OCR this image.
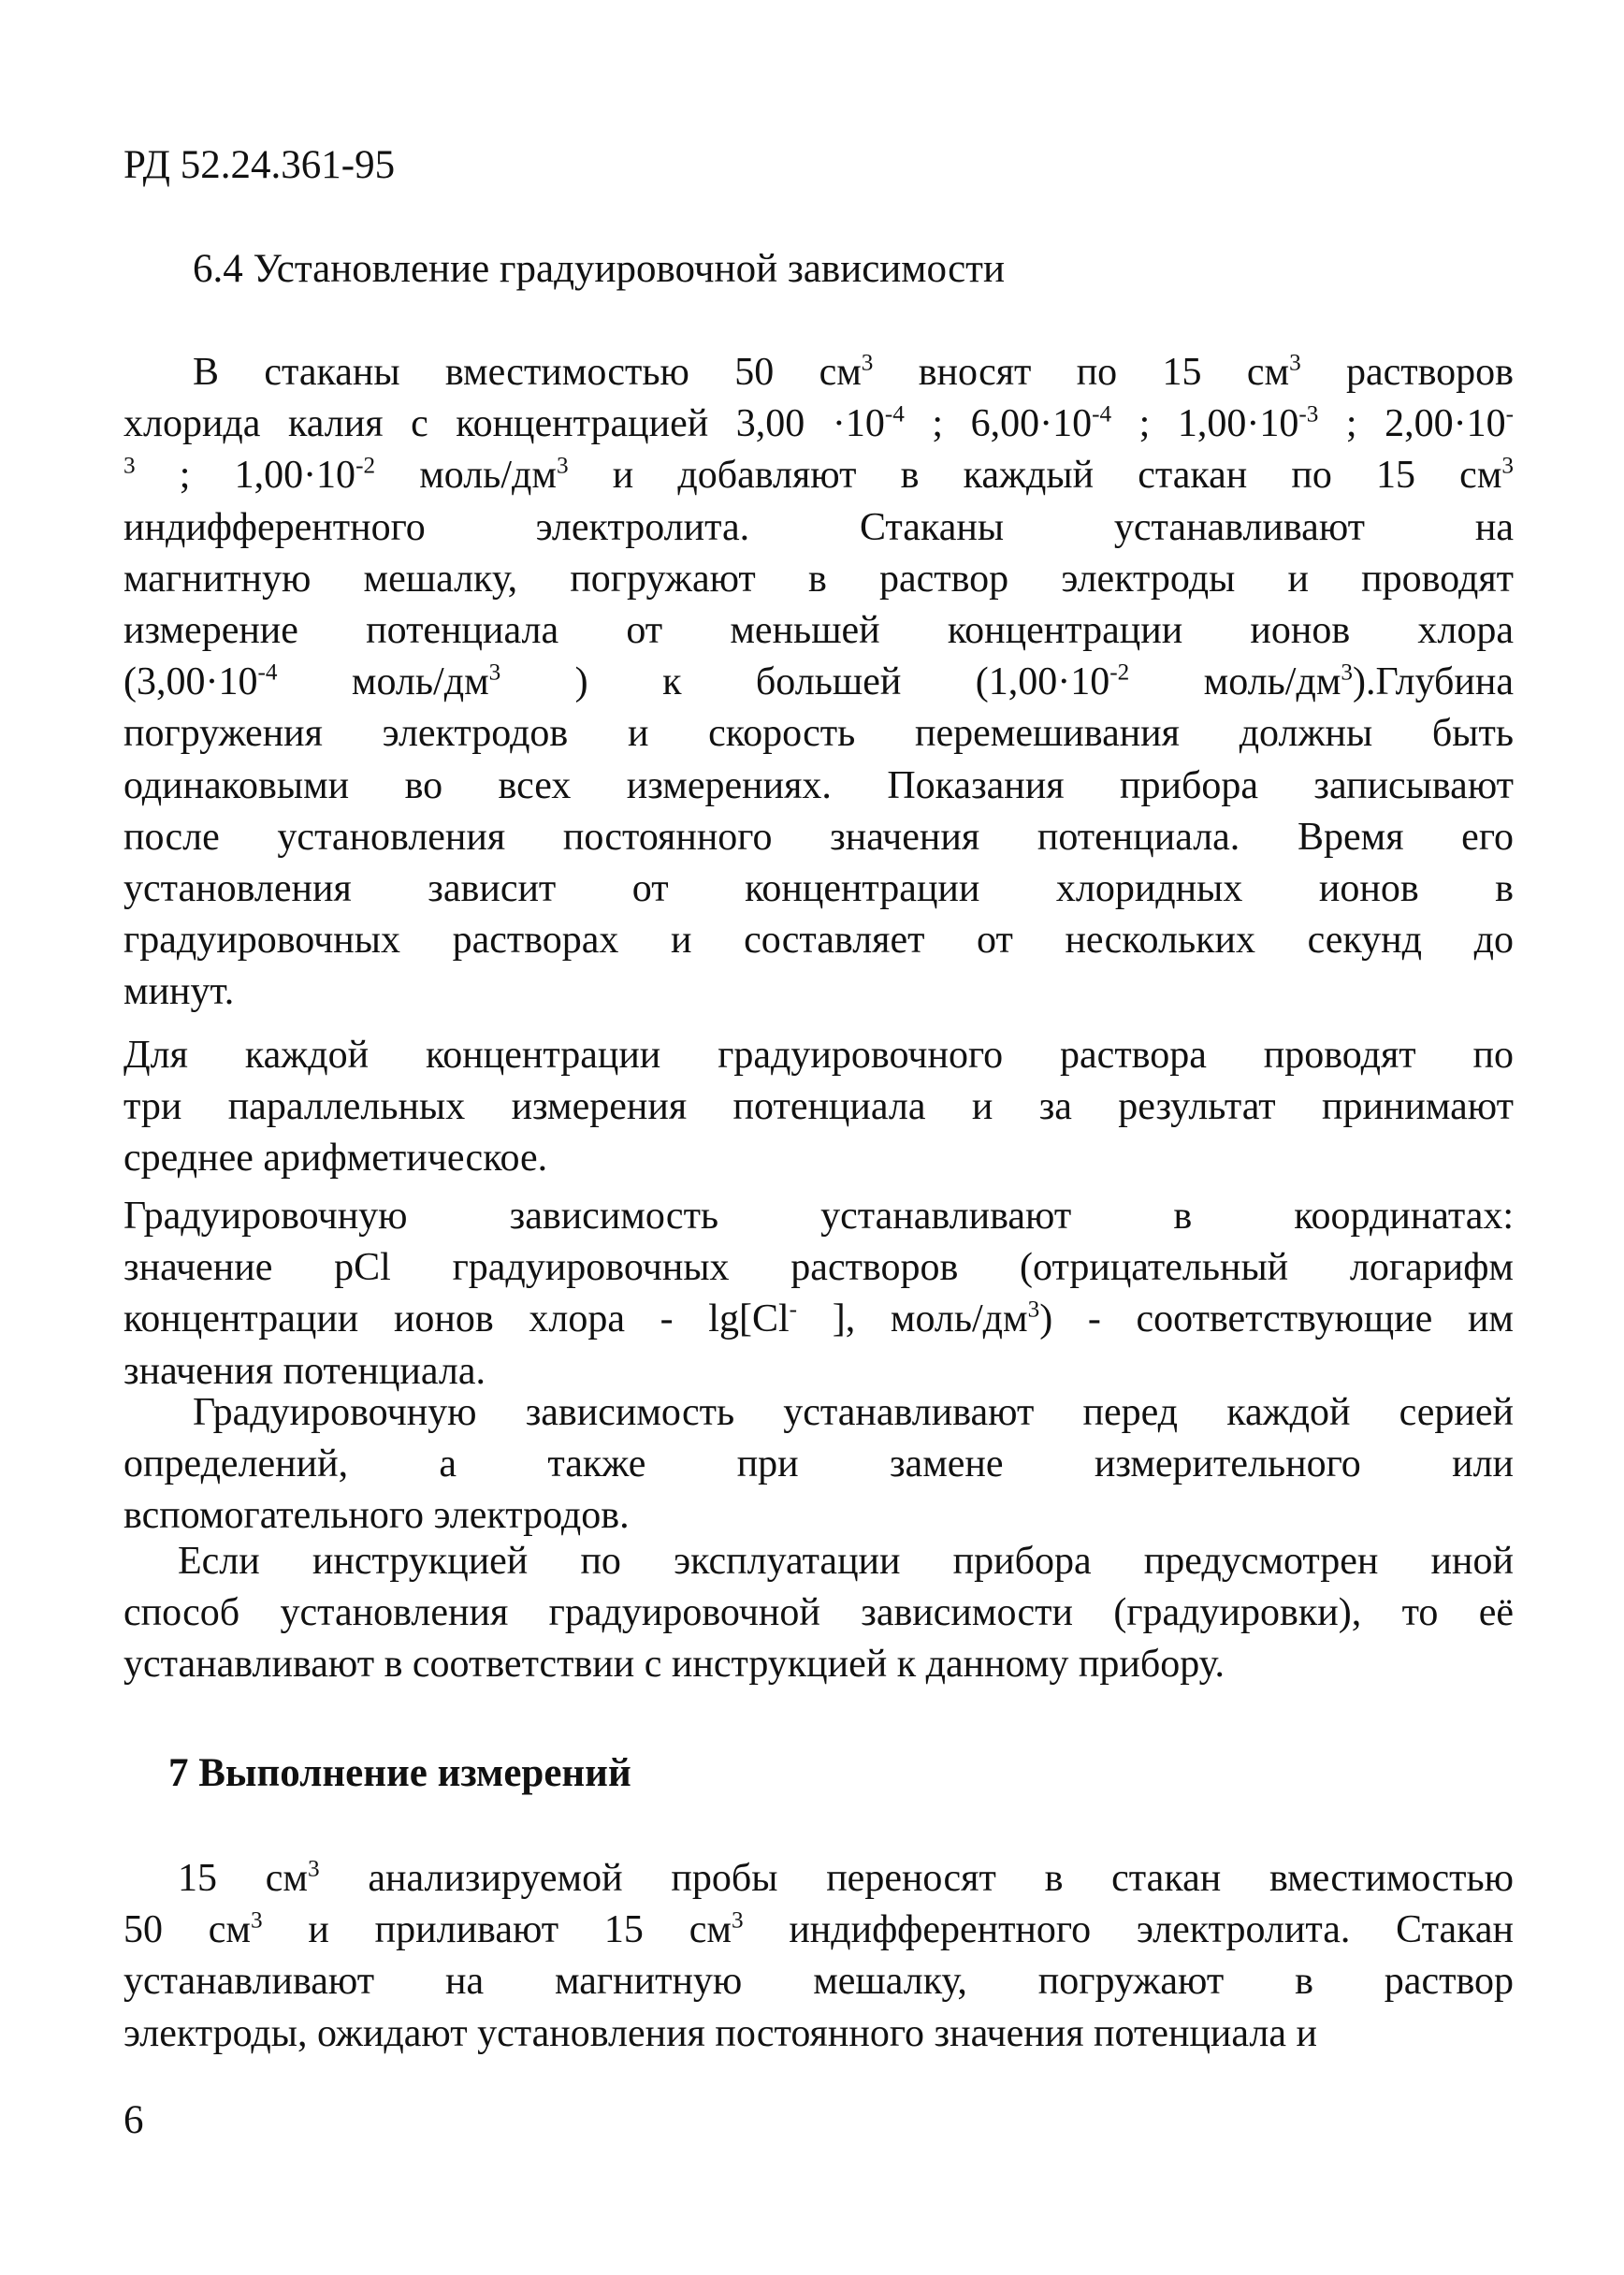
РД 52.24.361-95
6.4 Установление градуировочной зависимости
В стаканы вместимостью 50 $см^3$ вносят по 15 $см^3$ растворов
хлорида калия с концентрацией $3,00 \cdot 10^{-4}$ ; $6,00\cdot 10^{-4}$ ; $1,00\cdot 10^{-3}$ ; 2,00·10-
$^3$ ; $1,00\cdot 10^{-2}$ моль/$дм^3$ и добавляют в каждый стакан по 15 $см^3$
индифферентного электролита. Стаканы устанавливают на
магнитную мешалку, погружают в раствор электроды и проводят
измерение потенциала от меньшей концентрации ионов хлора
($3,00\cdot 10^{-4}$ моль/$дм^3$ ) к большей ($1,00\cdot 10^{-2}$ моль/$дм^3).Глубина$
погружения электродов и скорость перемешивания должны быть
одинаковыми во всех измерениях. Показания прибора записывают
после установления постоянного значения потенциала. Время его
установления зависит от концентрации хлоридных ионов в
градуировочных растворах и составляет от нескольких секунд до
минут.
Для каждой концентрации градуировочного раствора проводят по
три параллельных измерения потенциала и за результат принимают
среднее арифметическое.
Градуировочную зависимость устанавливают в координатах:
значение pCl градуировочных растворов (отрицательный логарифм
концентрации ионов хлора - lg[Cl- ], моль/$дм^3$) - соответствующие им
значения потенциала.
Градуировочную зависимость устанавливают перед каждой серией
определений, а также при замене измерительного или
вспомогательного электродов.
Если инструкцией по эксплуатации прибора предусмотрен иной
способ установления градуировочной зависимости (градуировки), то её
устанавливают в соответствии с инструкцией к данному прибору.
7 Выполнение измерений
15 $см^3$ анализируемой пробы переносят в стакан вместимостью
50 $см^3$ и приливают 15 $см^3$ индифферентного электролита. Стакан
устанавливают на магнитную мешалку, погружают в раствор
электроды, ожидают установления постоянного значения потенциала и
6
